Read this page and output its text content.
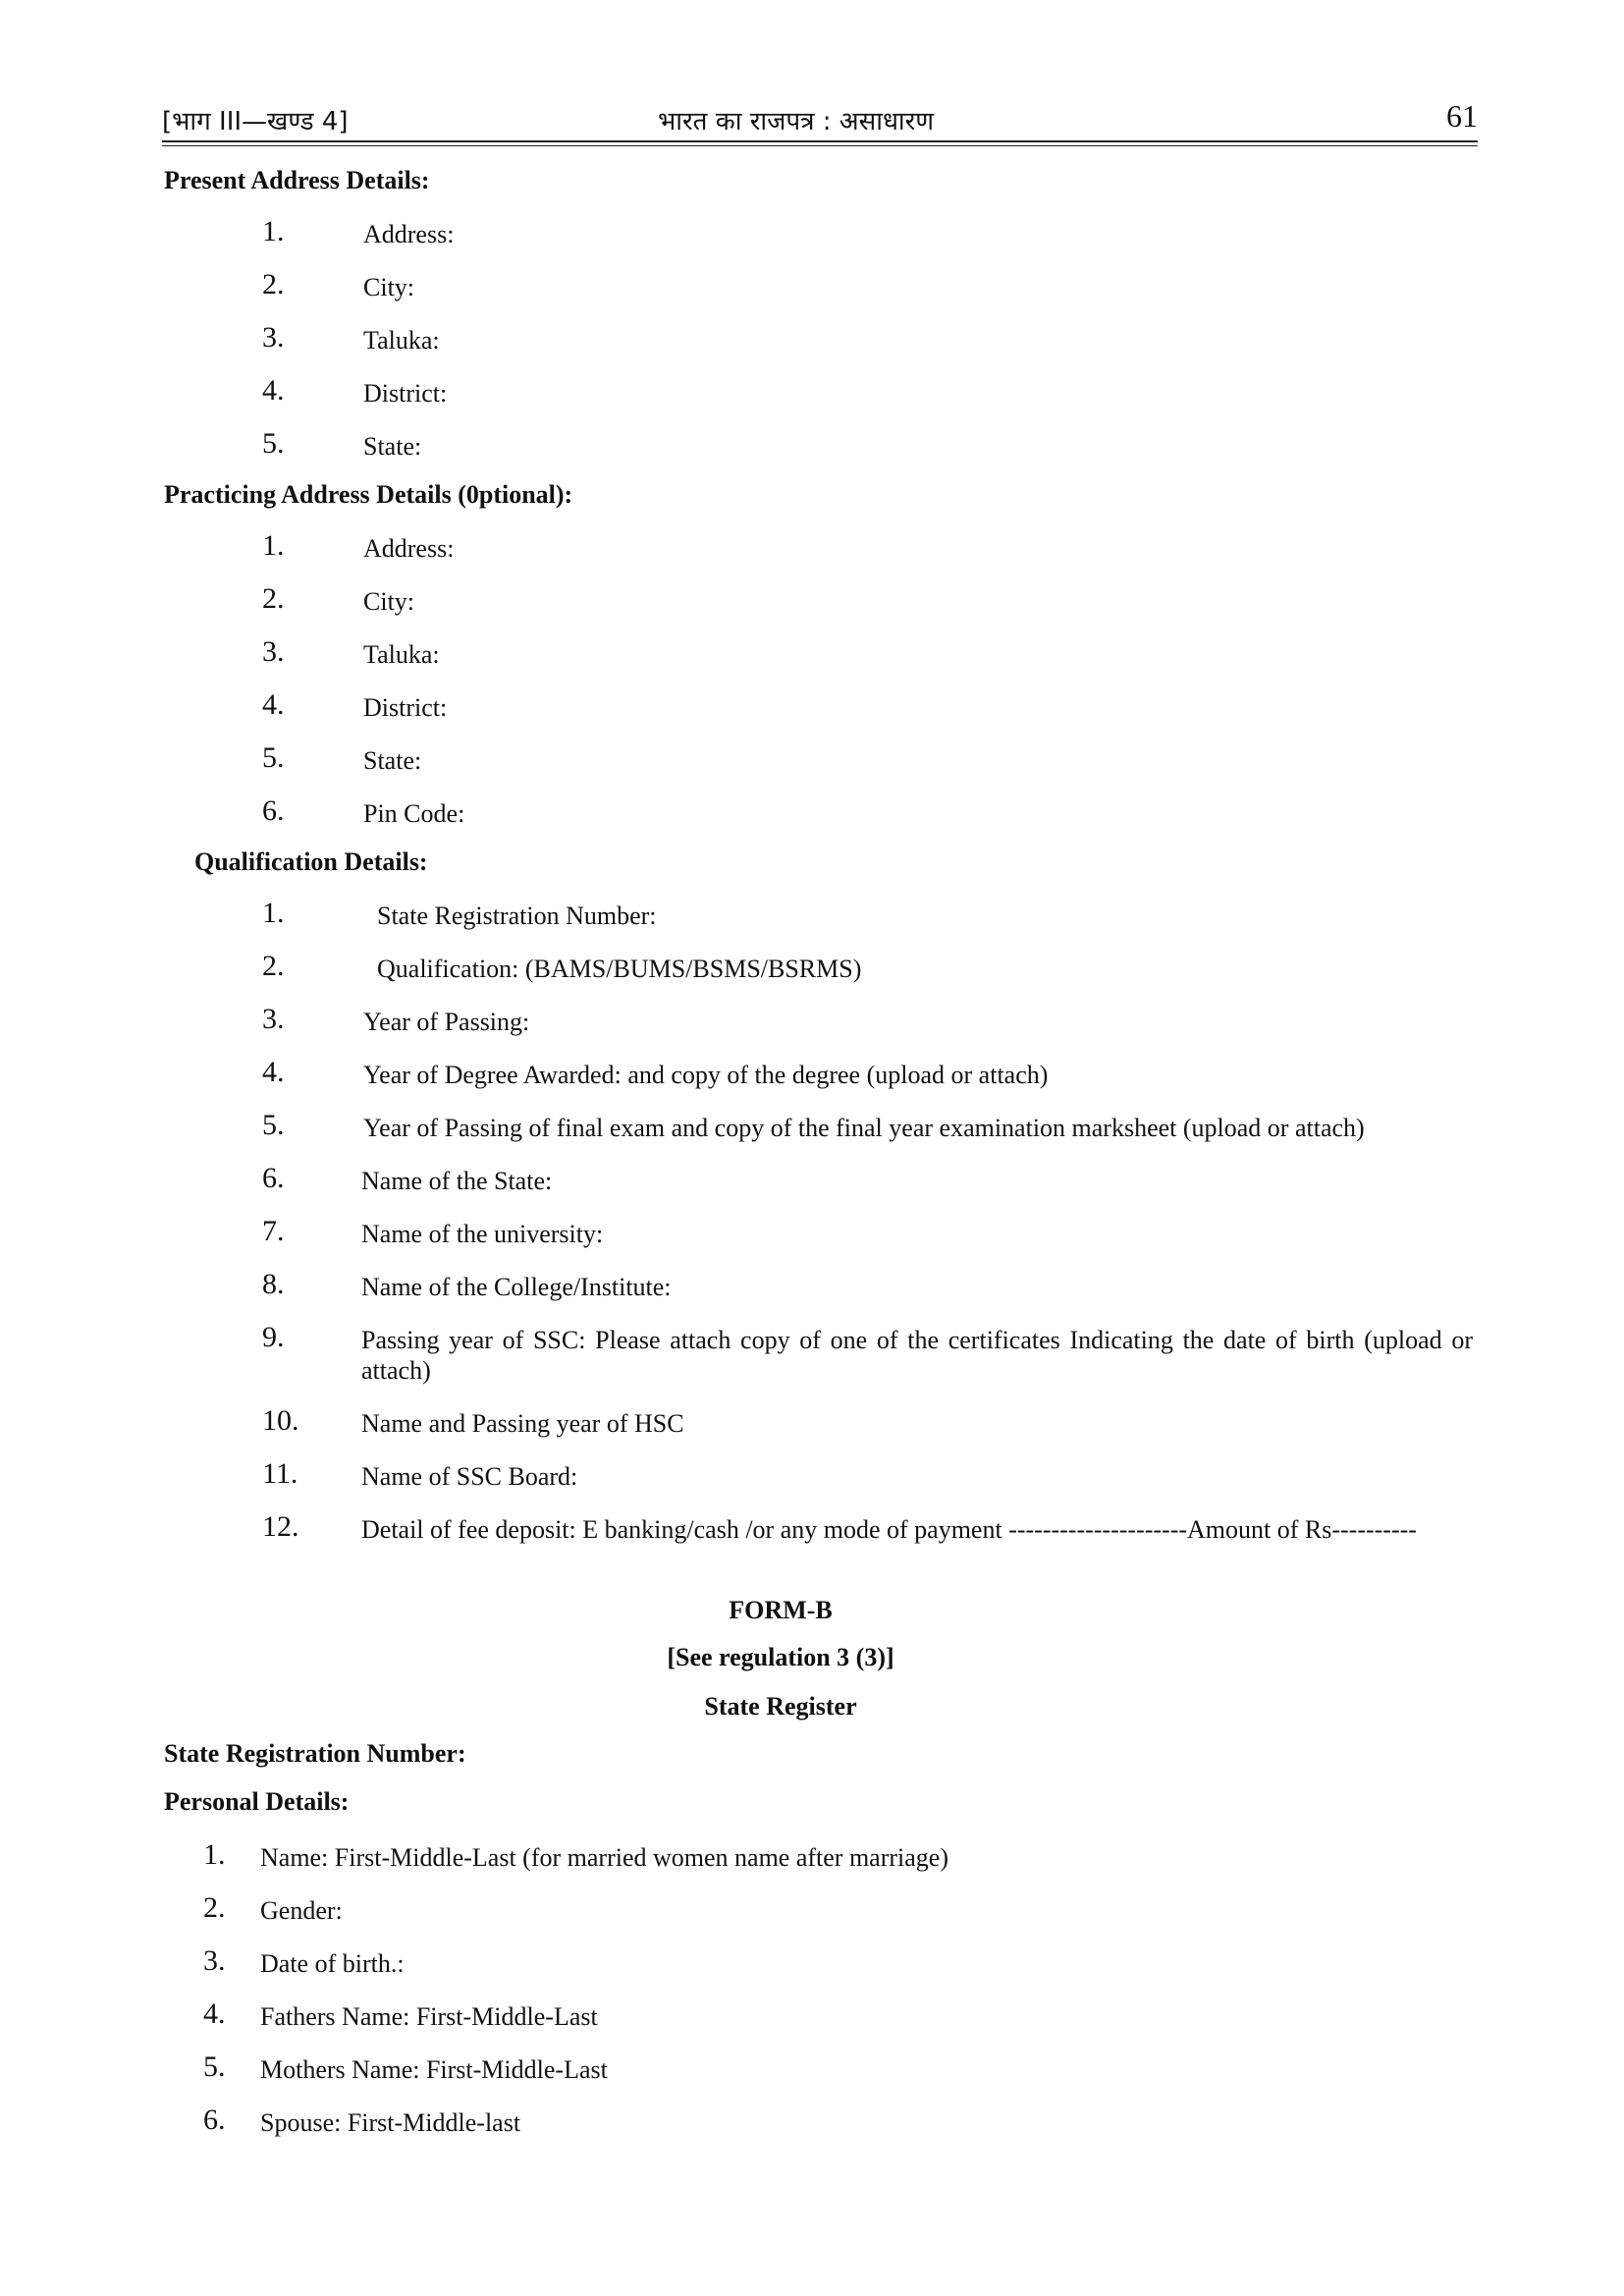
[भाग III—खण्ड 4]	भारत का राजपत्र : असाधारण	61
Present Address Details:
1.	Address:
2.	City:
3.	Taluka:
4.	District:
5.	State:
Practicing Address Details (0ptional):
1.	Address:
2.	City:
3.	Taluka:
4.	District:
5.	State:
6.	Pin Code:
Qualification Details:
1.	State Registration Number:
2.	Qualification: (BAMS/BUMS/BSMS/BSRMS)
3.	Year of Passing:
4.	Year of Degree Awarded: and copy of the degree (upload or attach)
5.	Year of Passing of final exam and copy of the final year examination marksheet (upload or attach)
6.	Name of the State:
7.	Name of the university:
8.	Name of the College/Institute:
9.	Passing year of SSC: Please attach copy of one of the certificates Indicating the date of birth (upload or attach)
10. Name and Passing year of HSC
11. Name of SSC Board:
12. Detail of fee deposit: E banking/cash /or any mode of payment ---------------------Amount of Rs----------
FORM-B
[See regulation 3 (3)]
State Register
State Registration Number:
Personal Details:
1. Name: First-Middle-Last (for married women name after marriage)
2. Gender:
3. Date of birth.:
4. Fathers Name: First-Middle-Last
5. Mothers Name: First-Middle-Last
6. Spouse: First-Middle-last
